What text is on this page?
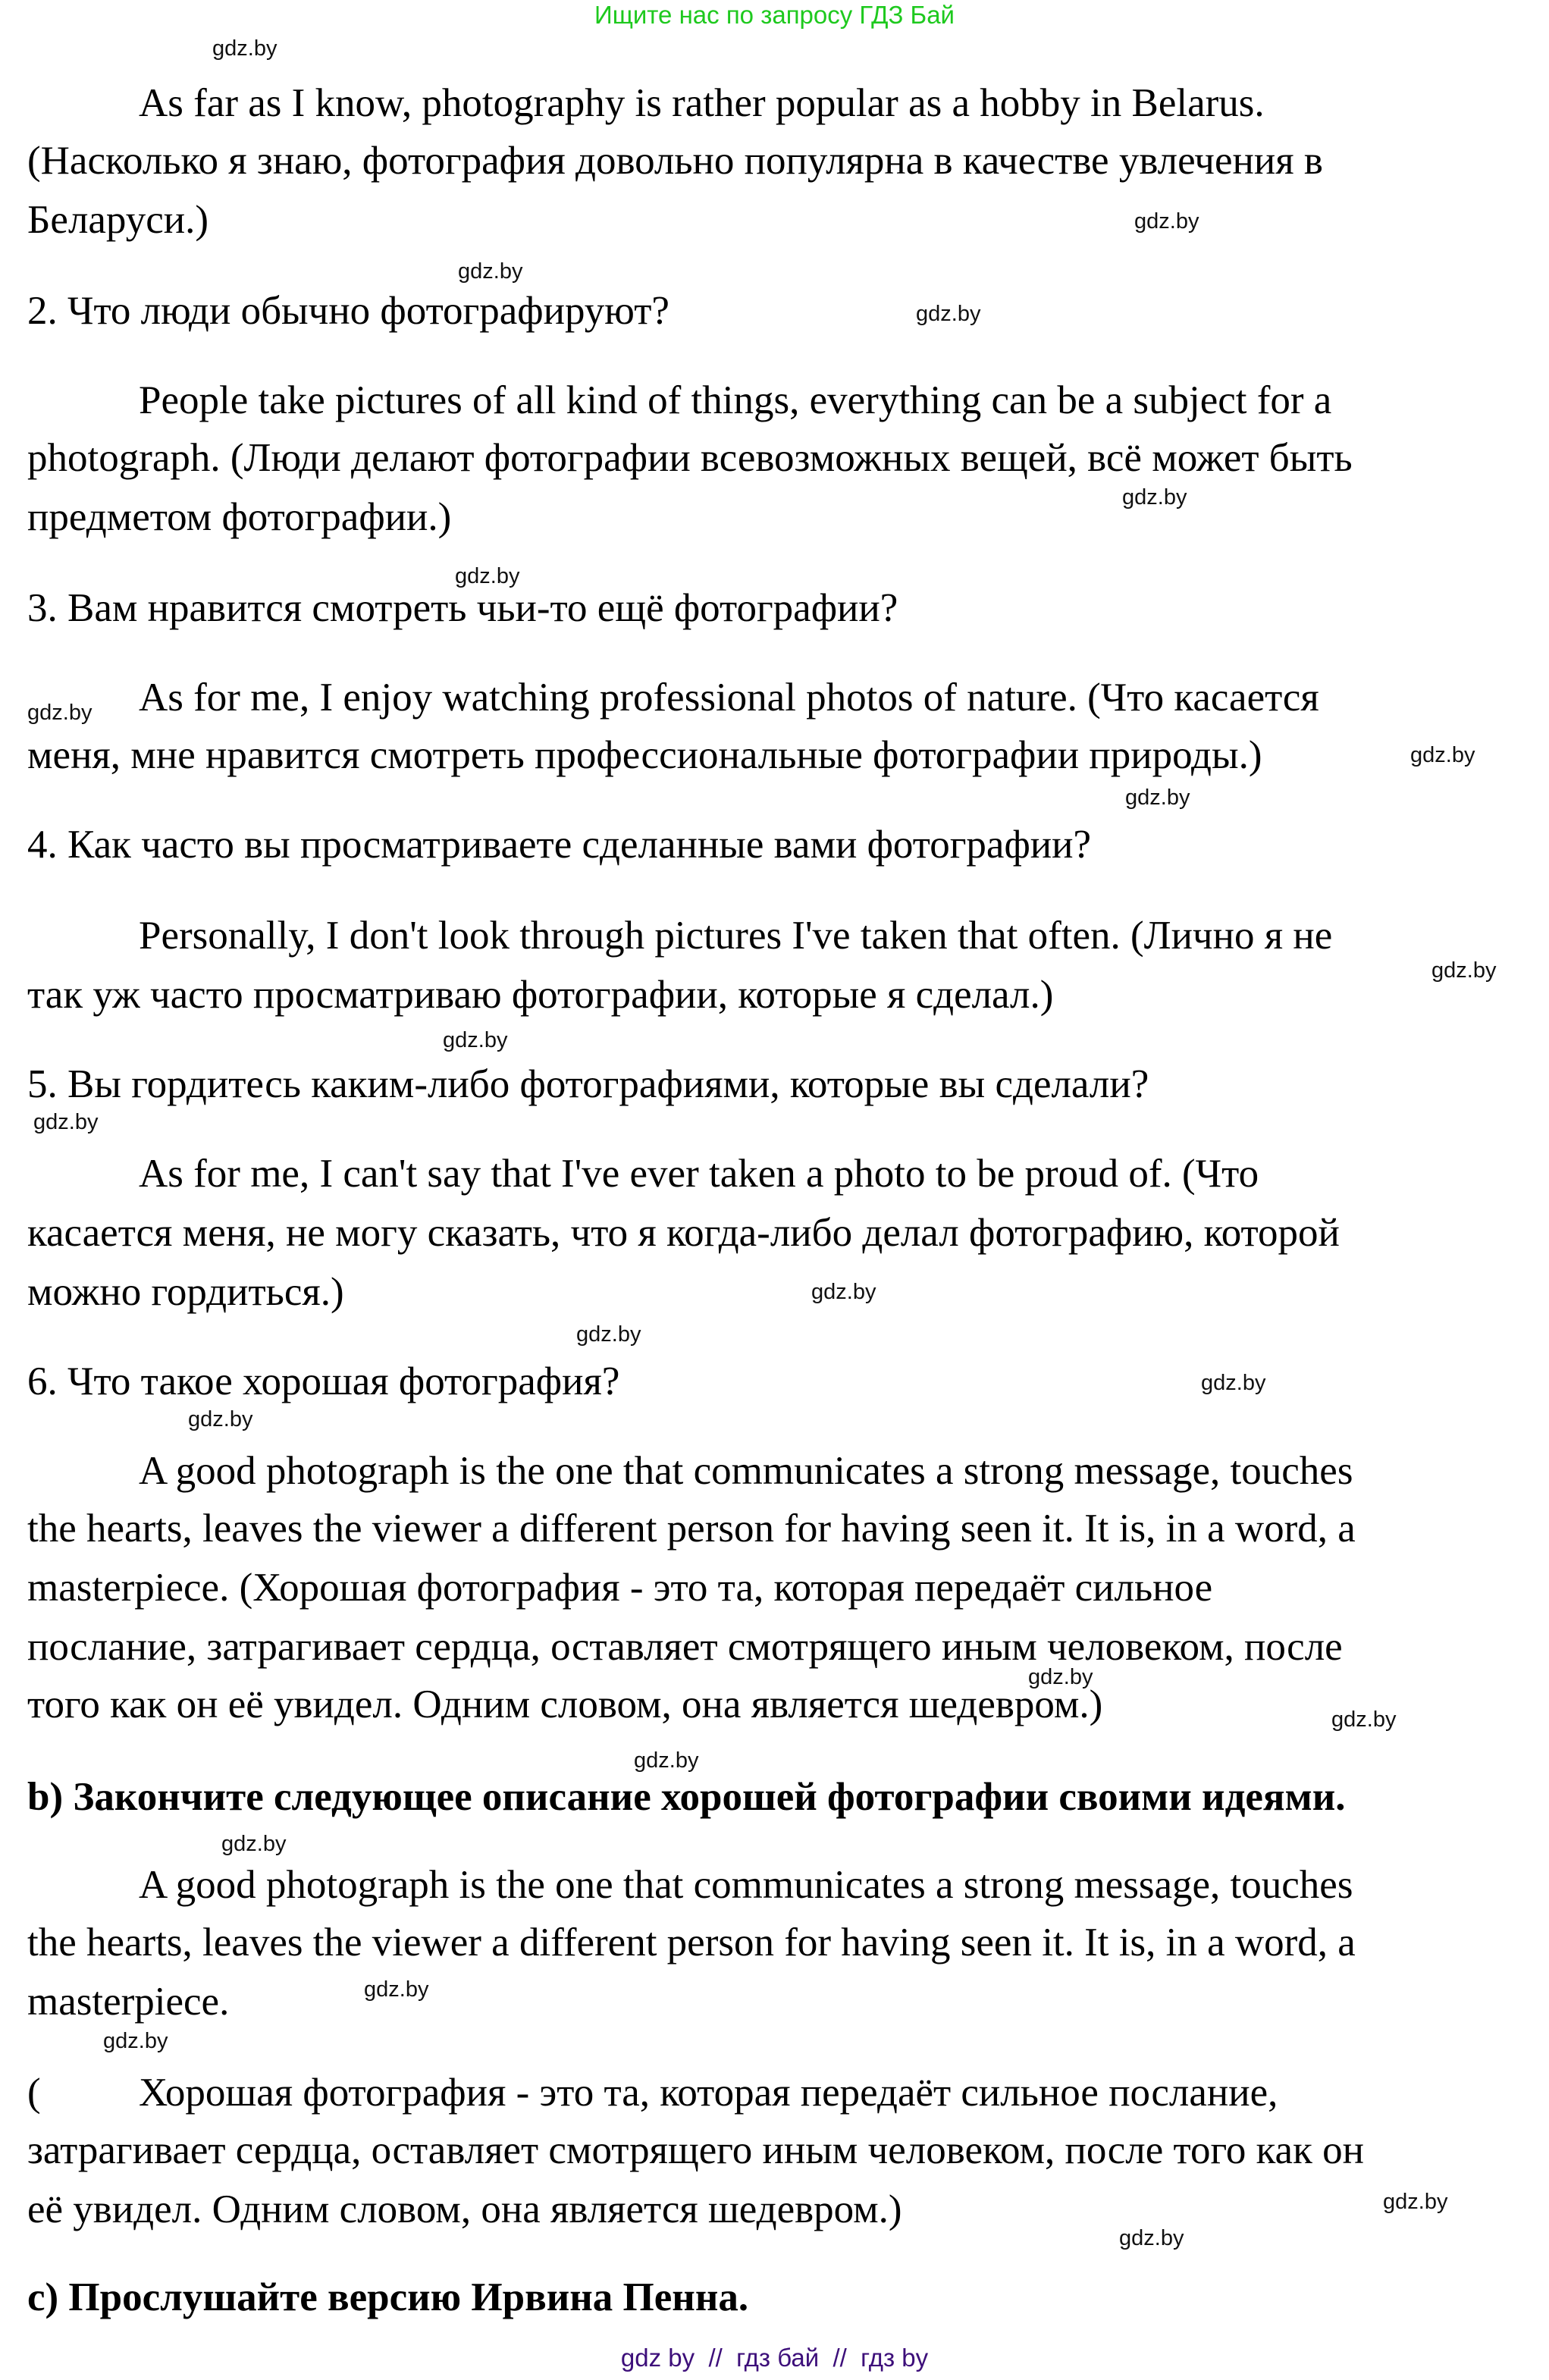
Ищите нас по запросу ГДЗ Бай
As far as I know, photography is rather popular as a hobby in Belarus.
(Насколько я знаю, фотография довольно популярна в качестве увлечения в
Беларуси.)
2. Что люди обычно фотографируют?
People take pictures of all kind of things, everything can be a subject for a
photograph. (Люди делают фотографии всевозможных вещей, всё может быть
предметом фотографии.)
3. Вам нравится смотреть чьи-то ещё фотографии?
As for me, I enjoy watching professional photos of nature. (Что касается
меня, мне нравится смотреть профессиональные фотографии природы.)
4. Как часто вы просматриваете сделанные вами фотографии?
Personally, I don't look through pictures I've taken that often. (Лично я не
так уж часто просматриваю фотографии, которые я сделал.)
5. Вы гордитесь каким-либо фотографиями, которые вы сделали?
As for me, I can't say that I've ever taken a photo to be proud of. (Что
касается меня, не могу сказать, что я когда-либо делал фотографию, которой
можно гордиться.)
6. Что такое хорошая фотография?
A good photograph is the one that communicates a strong message, touches
the hearts, leaves the viewer a different person for having seen it. It is, in a word, a
masterpiece. (Хорошая фотография - это та, которая передаёт сильное
послание, затрагивает сердца, оставляет смотрящего иным человеком, после
того как он её увидел. Одним словом, она является шедевром.)
b) Закончите следующее описание хорошей фотографии своими идеями.
A good photograph is the one that communicates a strong message, touches
the hearts, leaves the viewer a different person for having seen it. It is, in a word, a
masterpiece.
( Хорошая фотография - это та, которая передаёт сильное послание,
затрагивает сердца, оставляет смотрящего иным человеком, после того как он
её увидел. Одним словом, она является шедевром.)
c) Прослушайте версию Ирвина Пенна.
gdz.by
gdz.by
gdz.by
gdz.by
gdz.by
gdz.by
gdz.by
gdz.by
gdz.by
gdz.by
gdz.by
gdz.by
gdz.by
gdz.by
gdz.by
gdz.by
gdz.by
gdz.by
gdz.by
gdz.by
gdz.by
gdz.by
gdz.by
gdz.by
gdz by  //  гдз бай  //  гдз by
